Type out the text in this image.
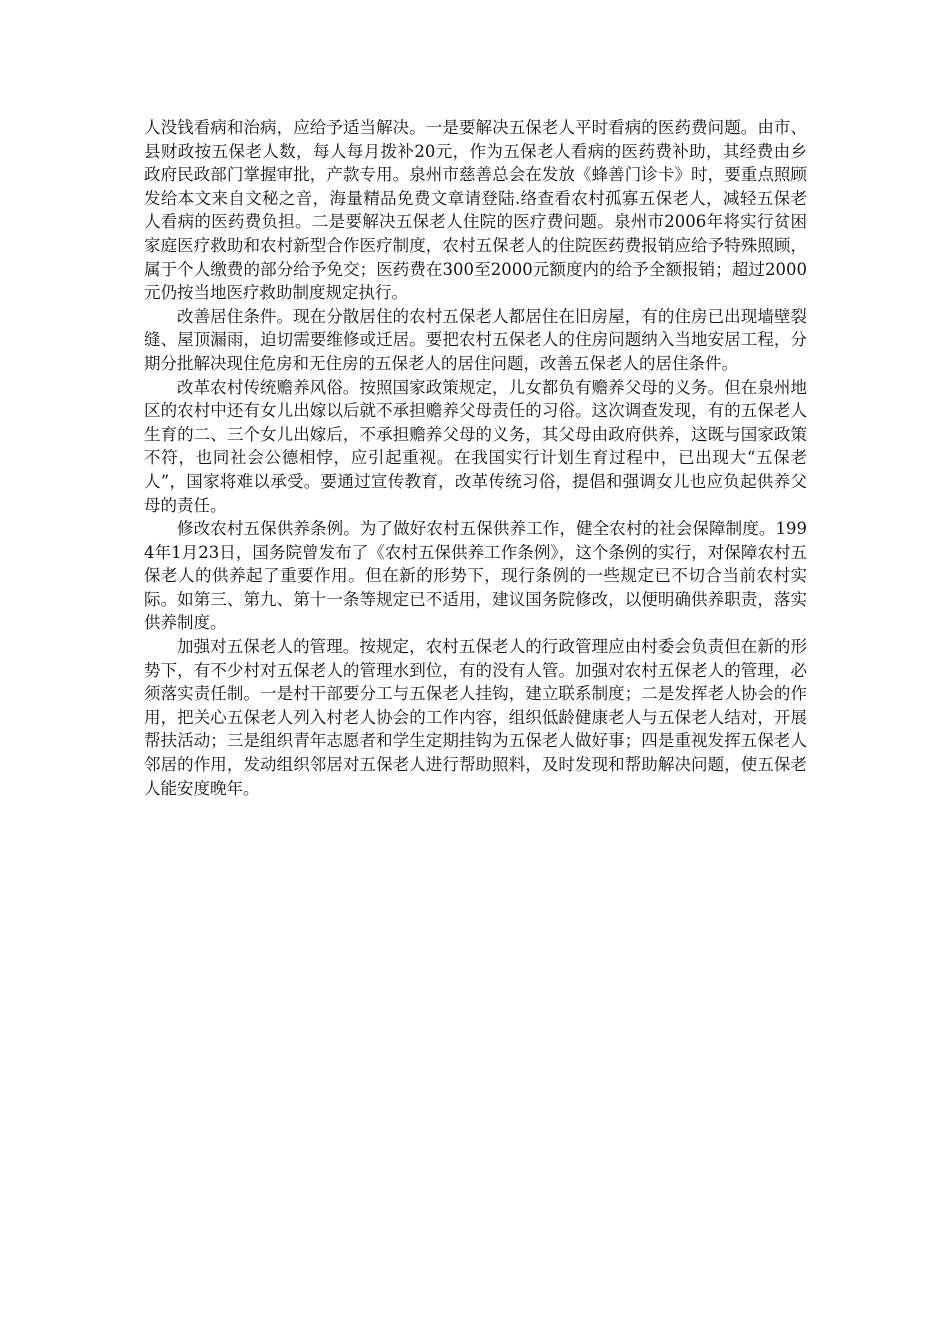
人没钱看病和治病，应给予适当解决。一是要解决五保老人平时看病的医药费问题。由市、县财政按五保老人数，每人每月拨补20元，作为五保老人看病的医药费补助，其经费由乡政府民政部门掌握审批，产款专用。泉州市慈善总会在发放《蜂善门诊卡》时，要重点照顾发给本文来自文秘之音，海量精品免费文章请登陆.络查看农村孤寡五保老人，减轻五保老人看病的医药费负担。二是要解决五保老人住院的医疗费问题。泉州市2006年将实行贫困家庭医疗救助和农村新型合作医疗制度，农村五保老人的住院医药费报销应给予特殊照顾，属于个人缴费的部分给予免交；医药费在300至2000元额度内的给予全额报销；超过2000元仍按当地医疗救助制度规定执行。

改善居住条件。现在分散居住的农村五保老人都居住在旧房屋，有的住房已出现墙壁裂缝、屋顶漏雨，迫切需要维修或迁居。要把农村五保老人的住房问题纳入当地安居工程，分期分批解决现住危房和无住房的五保老人的居住问题，改善五保老人的居住条件。

改革农村传统赡养风俗。按照国家政策规定，儿女都负有赡养父母的义务。但在泉州地区的农村中还有女儿出嫁以后就不承担赡养父母责任的习俗。这次调查发现，有的五保老人生育的二、三个女儿出嫁后，不承担赡养父母的义务，其父母由政府供养，这既与国家政策不符，也同社会公德相悖，应引起重视。在我国实行计划生育过程中，已出现大“五保老人”，国家将难以承受。要通过宣传教育，改革传统习俗，提倡和强调女儿也应负起供养父母的责任。

修改农村五保供养条例。为了做好农村五保供养工作，健全农村的社会保障制度。1994年1月23日，国务院曾发布了《农村五保供养工作条例》，这个条例的实行，对保障农村五保老人的供养起了重要作用。但在新的形势下，现行条例的一些规定已不切合当前农村实际。如第三、第九、第十一条等规定已不适用，建议国务院修改，以便明确供养职责，落实供养制度。

加强对五保老人的管理。按规定，农村五保老人的行政管理应由村委会负责但在新的形势下，有不少村对五保老人的管理水到位，有的没有人管。加强对农村五保老人的管理，必须落实责任制。一是村干部要分工与五保老人挂钩，建立联系制度；二是发挥老人协会的作用，把关心五保老人列入村老人协会的工作内容，组织低龄健康老人与五保老人结对，开展帮扶活动；三是组织青年志愿者和学生定期挂钩为五保老人做好事；四是重视发挥五保老人邻居的作用，发动组织邻居对五保老人进行帮助照料，及时发现和帮助解决问题，使五保老人能安度晚年。
